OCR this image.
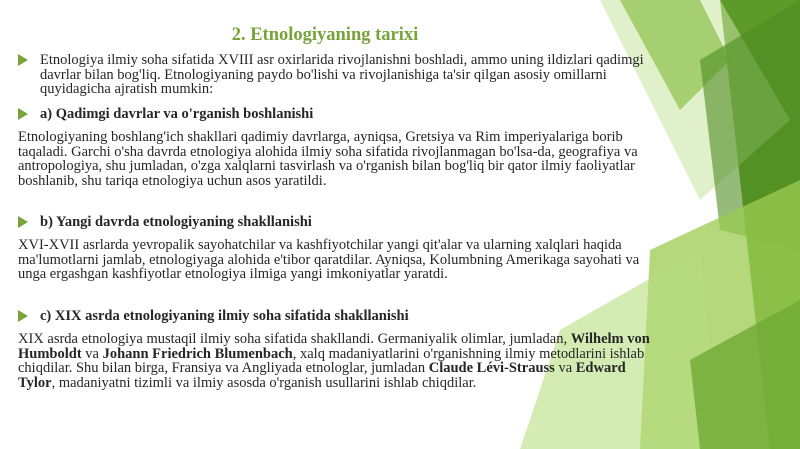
2. Etnologiyaning tarixi
Etnologiya ilmiy soha sifatida XVIII asr oxirlarida rivojlanishni boshladi, ammo uning ildizlari qadimgi davrlar bilan bog'liq. Etnologiyaning paydo bo'lishi va rivojlanishiga ta'sir qilgan asosiy omillarni quyidagicha ajratish mumkin:
a) Qadimgi davrlar va o'rganish boshlanishi
Etnologiyaning boshlang'ich shakllari qadimiy davrlarga, ayniqsa, Gretsiya va Rim imperiyalariga borib taqaladi. Garchi o'sha davrda etnologiya alohida ilmiy soha sifatida rivojlanmagan bo'lsa-da, geografiya va antropologiya, shu jumladan, o'zga xalqlarni tasvirlash va o'rganish bilan bog'liq bir qator ilmiy faoliyatlar boshlanib, shu tariqa etnologiya uchun asos yaratildi.
b) Yangi davrda etnologiyaning shakllanishi
XVI-XVII asrlarda yevropalik sayohatchilar va kashfiyotchilar yangi qit'alar va ularning xalqlari haqida ma'lumotlarni jamlab, etnologiyaga alohida e'tibor qaratdilar. Ayniqsa, Kolumbning Amerikaga sayohati va unga ergashgan kashfiyotlar etnologiya ilmiga yangi imkoniyatlar yaratdi.
c) XIX asrda etnologiyaning ilmiy soha sifatida shakllanishi
XIX asrda etnologiya mustaqil ilmiy soha sifatida shakllandi. Germaniyalik olimlar, jumladan, Wilhelm von Humboldt va Johann Friedrich Blumenbach, xalq madaniyatlarini o'rganishning ilmiy metodlarini ishlab chiqdilar. Shu bilan birga, Fransiya va Angliyada etnologlar, jumladan Claude Lévi-Strauss va Edward Tylor, madaniyatni tizimli va ilmiy asosda o'rganish usullarini ishlab chiqdilar.
